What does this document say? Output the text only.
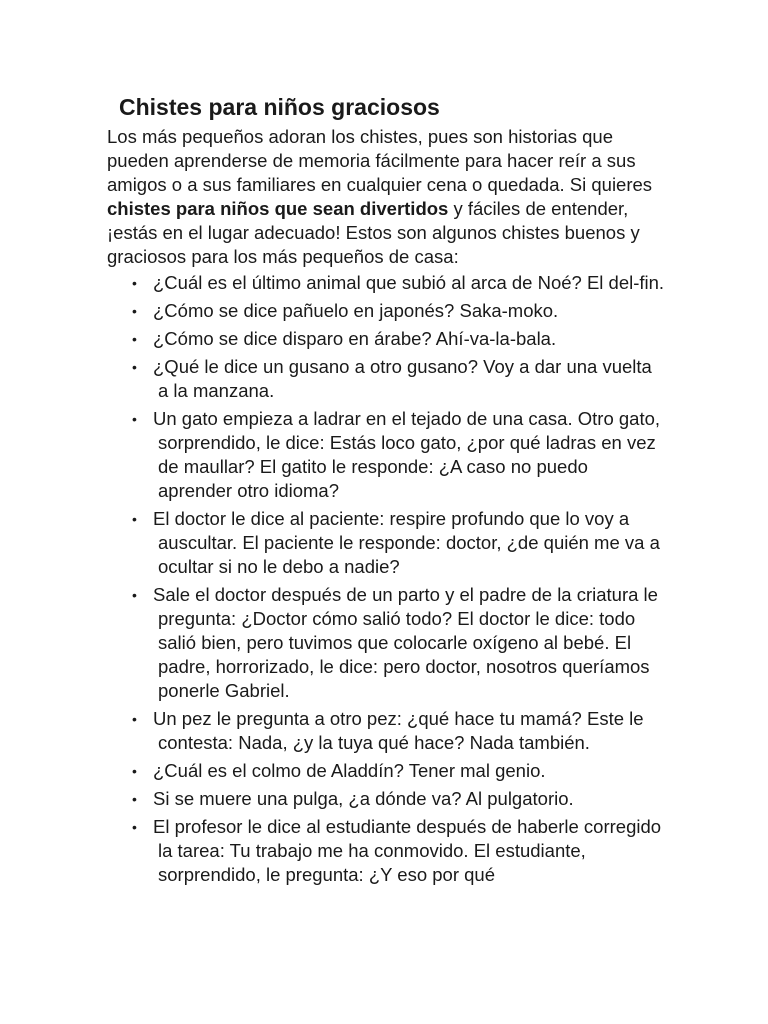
Chistes para niños graciosos

Los más pequeños adoran los chistes, pues son historias que pueden aprenderse de memoria fácilmente para hacer reír a sus amigos o a sus familiares en cualquier cena o quedada. Si quieres chistes para niños que sean divertidos y fáciles de entender, ¡estás en el lugar adecuado! Estos son algunos chistes buenos y graciosos para los más pequeños de casa:

• ¿Cuál es el último animal que subió al arca de Noé? El del-fin.
• ¿Cómo se dice pañuelo en japonés? Saka-moko.
• ¿Cómo se dice disparo en árabe? Ahí-va-la-bala.
• ¿Qué le dice un gusano a otro gusano? Voy a dar una vuelta a la manzana.
• Un gato empieza a ladrar en el tejado de una casa. Otro gato, sorprendido, le dice: Estás loco gato, ¿por qué ladras en vez de maullar? El gatito le responde: ¿A caso no puedo aprender otro idioma?
• El doctor le dice al paciente: respire profundo que lo voy a auscultar. El paciente le responde: doctor, ¿de quién me va a ocultar si no le debo a nadie?
• Sale el doctor después de un parto y el padre de la criatura le pregunta: ¿Doctor cómo salió todo? El doctor le dice: todo salió bien, pero tuvimos que colocarle oxígeno al bebé. El padre, horrorizado, le dice: pero doctor, nosotros queríamos ponerle Gabriel.
• Un pez le pregunta a otro pez: ¿qué hace tu mamá? Este le contesta: Nada, ¿y la tuya qué hace? Nada también.
• ¿Cuál es el colmo de Aladdín? Tener mal genio.
• Si se muere una pulga, ¿a dónde va? Al pulgatorio.
• El profesor le dice al estudiante después de haberle corregido la tarea: Tu trabajo me ha conmovido. El estudiante, sorprendido, le pregunta: ¿Y eso por qué
